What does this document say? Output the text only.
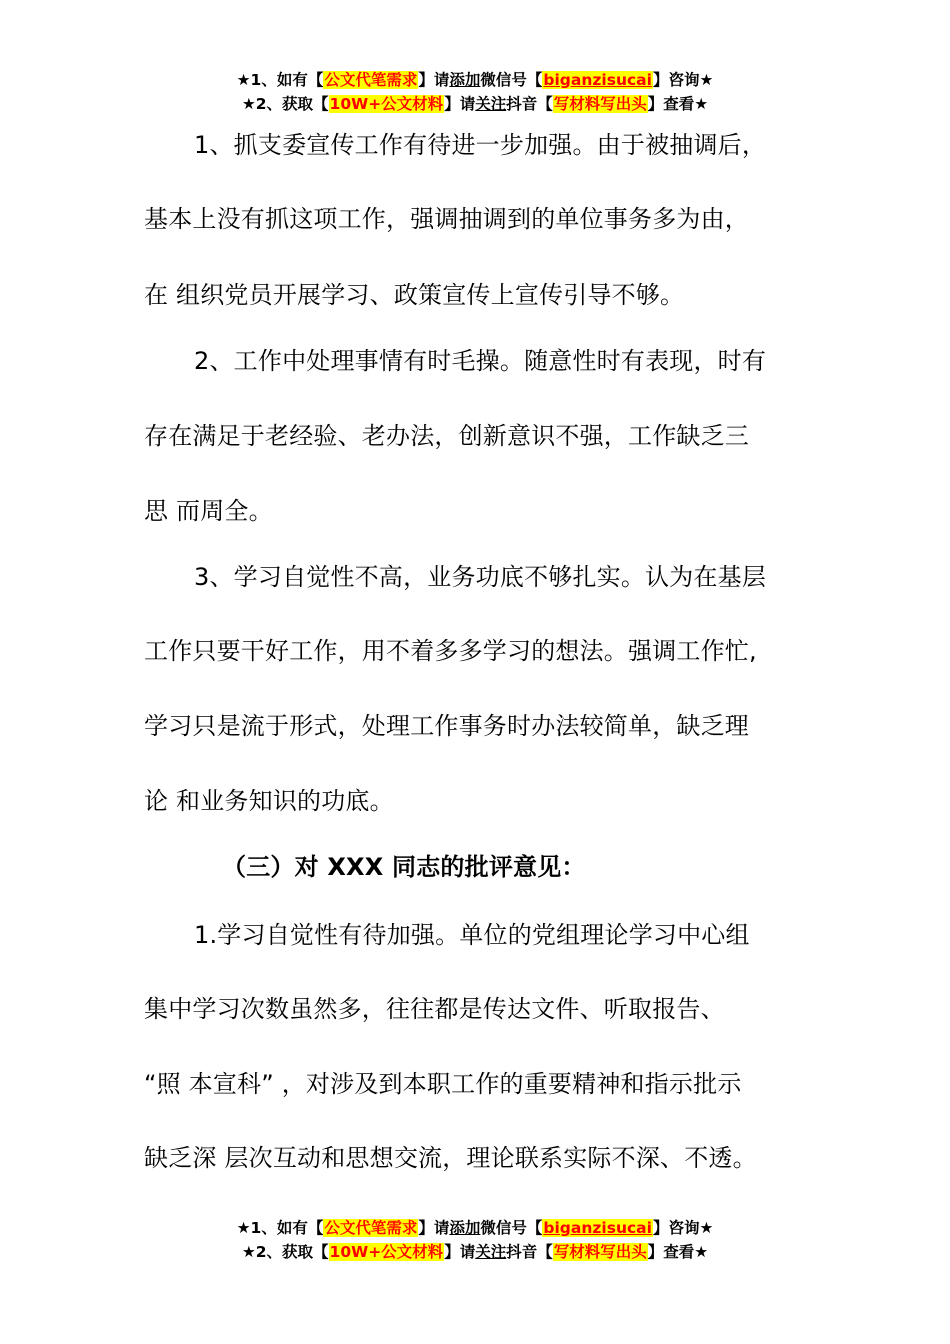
★1、如有【公文代笔需求】请添加微信号【biganzisucai】咨询★
★2、获取【10W+公文材料】请关注抖音【写材料写出头】查看★
1、抓支委宣传工作有待进一步加强。由于被抽调后，
基本上没有抓这项工作，强调抽调到的单位事务多为由，
在 组织党员开展学习、政策宣传上宣传引导不够。
2、工作中处理事情有时毛操。随意性时有表现，时有
存在满足于老经验、老办法，创新意识不强，工作缺乏三
思 而周全。
3、学习自觉性不高，业务功底不够扎实。认为在基层
工作只要干好工作，用不着多多学习的想法。强调工作忙,
学习只是流于形式，处理工作事务时办法较简单，缺乏理
论 和业务知识的功底。
（三）对 XXX 同志的批评意见：
1.学习自觉性有待加强。单位的党组理论学习中心组
集中学习次数虽然多，往往都是传达文件、听取报告、
“照 本宣科” ，对涉及到本职工作的重要精神和指示批示
缺乏深 层次互动和思想交流，理论联系实际不深、不透。
★1、如有【公文代笔需求】请添加微信号【biganzisucai】咨询★
★2、获取【10W+公文材料】请关注抖音【写材料写出头】查看★
